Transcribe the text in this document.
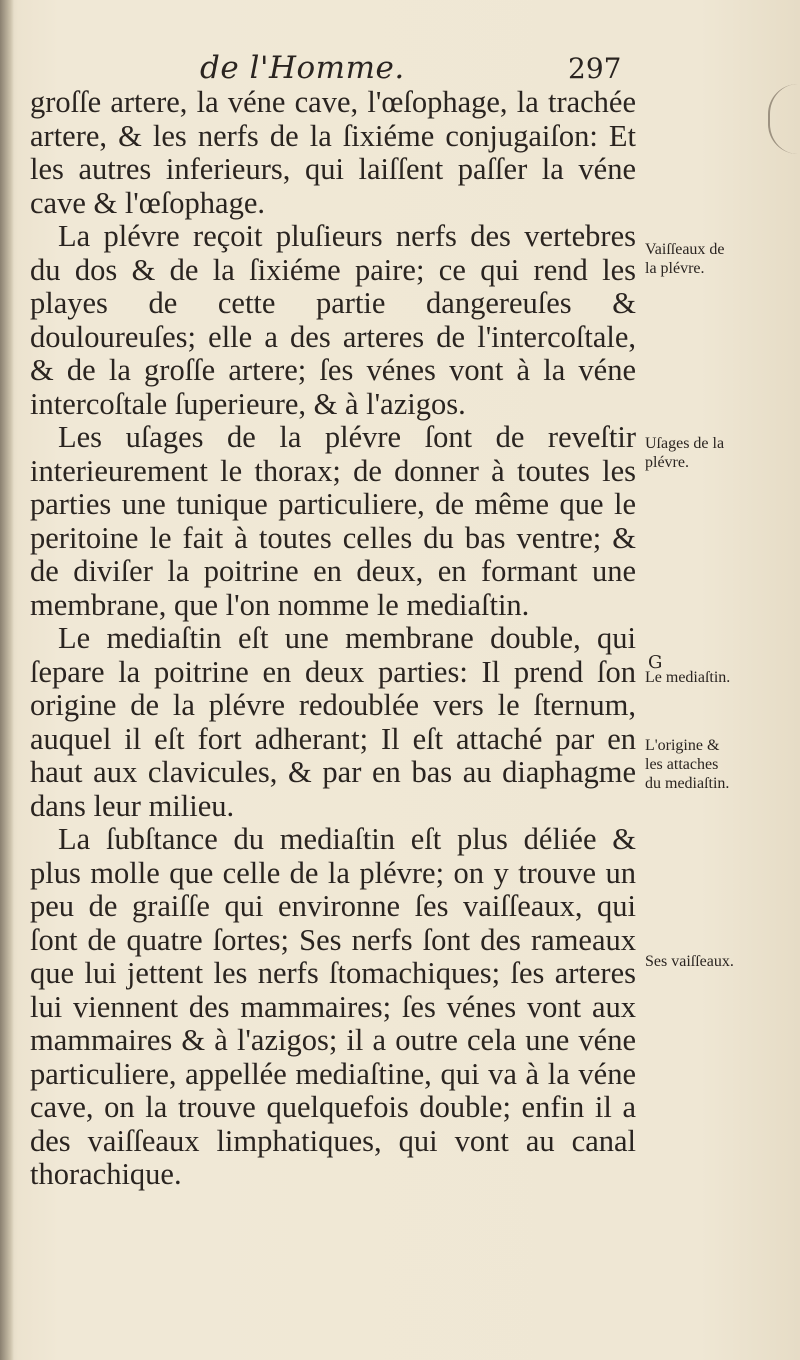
de l'Homme.	297

groſſe artere, la véne cave, l'œſophage, la trachée artere, & les nerfs de la ſixiéme conjugaiſon: Et les autres inferieurs, qui laiſſent paſſer la véne cave & l'œſophage.

La plévre reçoit pluſieurs nerfs des vertebres du dos & de la ſixiéme paire; ce qui rend les playes de cette partie dangereuſes & douloureuſes; elle a des arteres de l'intercoſtale, & de la groſſe artere; ſes vénes vont à la véne intercoſtale ſuperieure, & à l'azigos.

Les uſages de la plévre ſont de reveſtir interieurement le thorax; de donner à toutes les parties une tunique particuliere, de même que le peritoine le fait à toutes celles du bas ventre; & de diviſer la poitrine en deux, en formant une membrane, que l'on nomme le mediaſtin.

Le mediaſtin eſt une membrane double, qui ſepare la poitrine en deux parties: Il prend ſon origine de la plévre redoublée vers le ſternum, auquel il eſt fort adherant; Il eſt attaché par en haut aux clavicules, & par en bas au diaphagme dans leur milieu.

La ſubſtance du mediaſtin eſt plus déliée & plus molle que celle de la plévre; on y trouve un peu de graiſſe qui environne ſes vaiſſeaux, qui ſont de quatre ſortes; Ses nerfs ſont des rameaux que lui jettent les nerfs ſtomachiques; ſes arteres lui viennent des mammaires; ſes vénes vont aux mammaires & à l'azigos; il a outre cela une véne particuliere, appellée mediaſtine, qui va à la véne cave, on la trouve quelquefois double; enfin il a des vaiſſeaux limphatiques, qui vont au canal thorachique.

Vaiſſeaux de la plévre.
Uſages de la plévre.
Le mediaſtin.
L'origine & les attaches du mediaſtin.
Ses vaiſſeaux.
G
